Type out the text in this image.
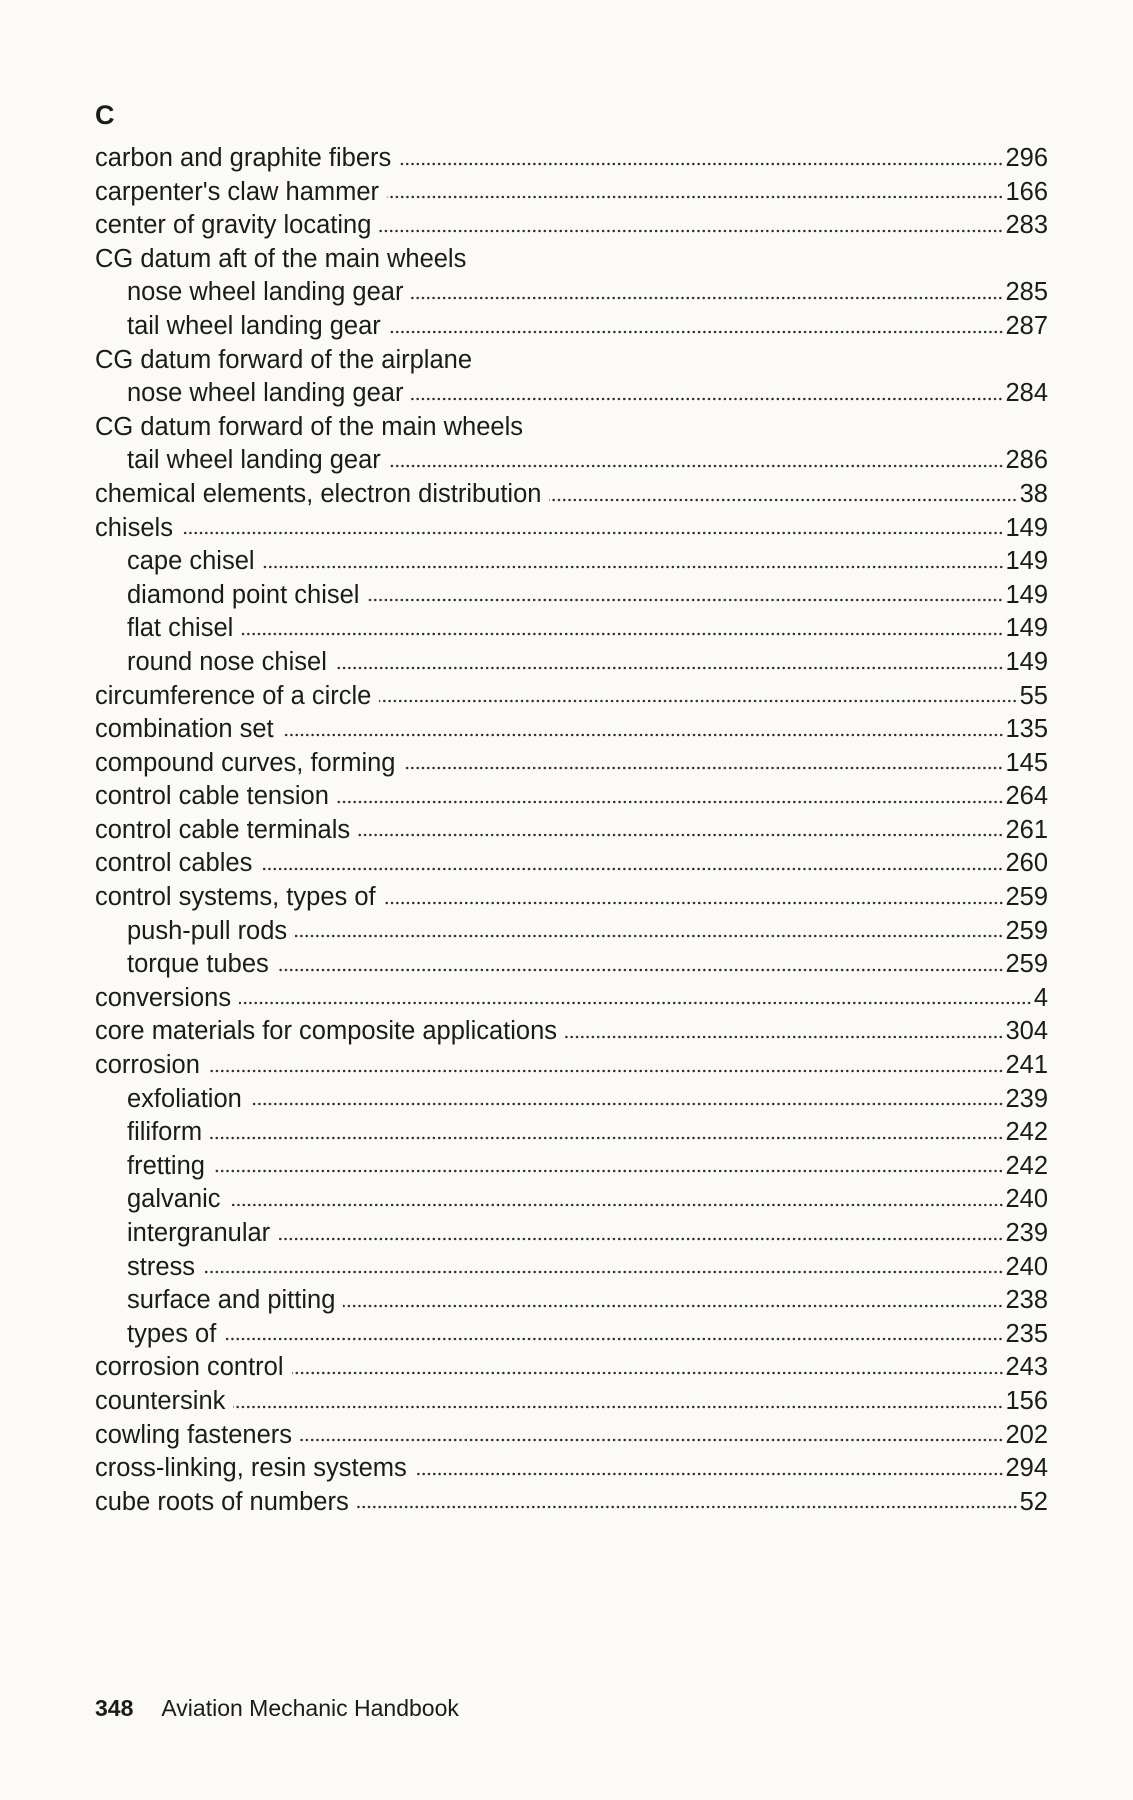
C
carbon and graphite fibers	296
carpenter's claw hammer	166
center of gravity locating	283
CG datum aft of the main wheels
nose wheel landing gear	285
tail wheel landing gear	287
CG datum forward of the airplane
nose wheel landing gear	284
CG datum forward of the main wheels
tail wheel landing gear	286
chemical elements, electron distribution	38
chisels	149
cape chisel	149
diamond point chisel	149
flat chisel	149
round nose chisel	149
circumference of a circle	55
combination set	135
compound curves, forming	145
control cable tension	264
control cable terminals	261
control cables	260
control systems, types of	259
push-pull rods	259
torque tubes	259
conversions	4
core materials for composite applications	304
corrosion	241
exfoliation	239
filiform	242
fretting	242
galvanic	240
intergranular	239
stress	240
surface and pitting	238
types of	235
corrosion control	243
countersink	156
cowling fasteners	202
cross-linking, resin systems	294
cube roots of numbers	52
348 Aviation Mechanic Handbook
